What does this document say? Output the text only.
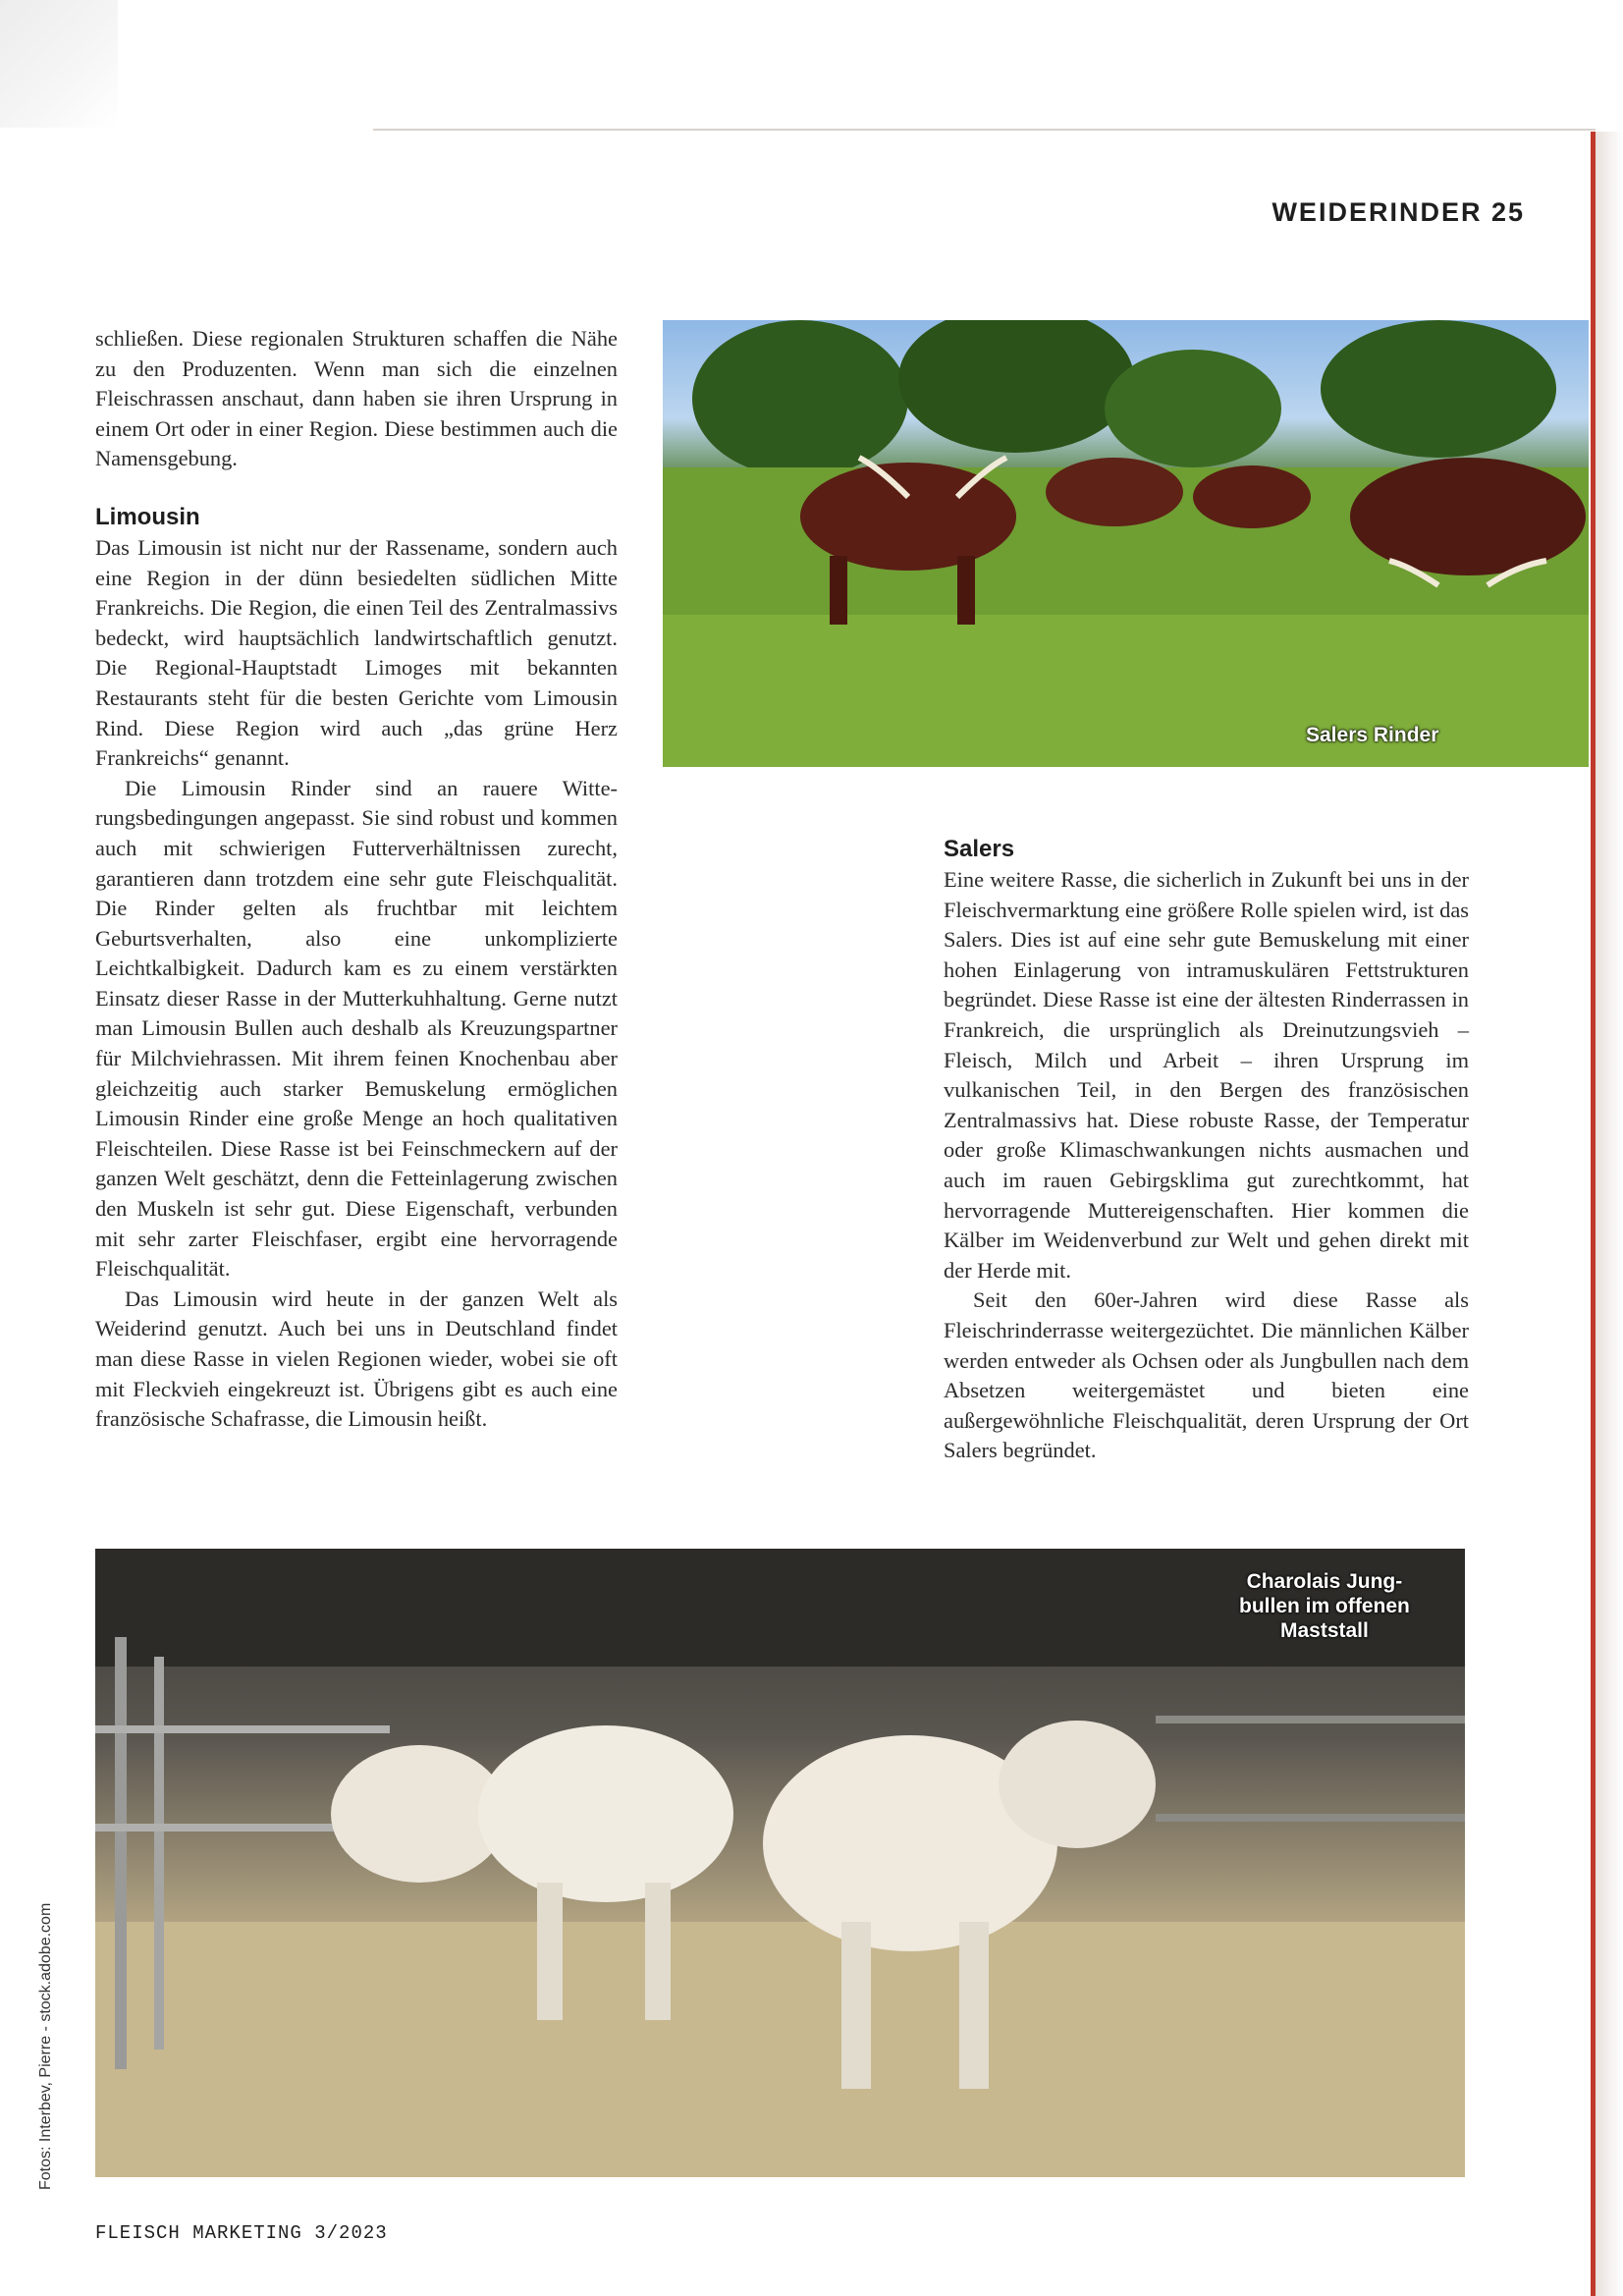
WEIDERINDER 25

schließen. Diese regionalen Strukturen schaffen die Nähe zu den Produzenten. Wenn man sich die einzelnen Fleischrassen anschaut, dann haben sie ihren Ursprung in einem Ort oder in einer Region. Diese bestimmen auch die Namensgebung.

Limousin

Das Limousin ist nicht nur der Rassename, sondern auch eine Region in der dünn besiedelten südlichen Mitte Frankreichs. Die Region, die einen Teil des Zentralmassivs bedeckt, wird hauptsächlich landwirtschaftlich genutzt. Die Regional-Hauptstadt Limoges mit bekannten Restaurants steht für die besten Gerichte vom Limousin Rind. Diese Region wird auch „das grüne Herz Frankreichs“ genannt.

Die Limousin Rinder sind an rauere Witterungsbedingungen angepasst. Sie sind robust und kommen auch mit schwierigen Futterverhältnissen zurecht, garantieren dann trotzdem eine sehr gute Fleischqualität. Die Rinder gelten als fruchtbar mit leichtem Geburtsverhalten, also eine unkomplizierte Leichtkalbigkeit. Dadurch kam es zu einem verstärkten Einsatz dieser Rasse in der Mutterkuhhaltung. Gerne nutzt man Limousin Bullen auch deshalb als Kreuzungspartner für Milchviehrassen. Mit ihrem feinen Knochenbau aber gleichzeitig auch starker Bemuskelung ermöglichen Limousin Rinder eine große Menge an hoch qualitativen Fleischteilen. Diese Rasse ist bei Feinschmeckern auf der ganzen Welt geschätzt, denn die Fetteinlagerung zwischen den Muskeln ist sehr gut. Diese Eigenschaft, verbunden mit sehr zarter Fleischfaser, ergibt eine hervorragende Fleischqualität.

Das Limousin wird heute in der ganzen Welt als Weiderind genutzt. Auch bei uns in Deutschland findet man diese Rasse in vielen Regionen wieder, wobei sie oft mit Fleckvieh eingekreuzt ist. Übrigens gibt es auch eine französische Schafrasse, die Limousin heißt.

Salers Rinder
Salers

Eine weitere Rasse, die sicherlich in Zukunft bei uns in der Fleischvermarktung eine größere Rolle spielen wird, ist das Salers. Dies ist auf eine sehr gute Bemuskelung mit einer hohen Einlagerung von intramuskulären Fettstrukturen begründet. Diese Rasse ist eine der ältesten Rinderrassen in Frankreich, die ursprünglich als Dreinutzungsvieh – Fleisch, Milch und Arbeit – ihren Ursprung im vulkanischen Teil, in den Bergen des französischen Zentralmassivs hat. Diese robuste Rasse, der Temperatur oder große Klimaschwankungen nichts ausmachen und auch im rauen Gebirgsklima gut zurechtkommt, hat hervorragende Muttereigenschaften. Hier kommen die Kälber im Weidenverbund zur Welt und gehen direkt mit der Herde mit.

Seit den 60er-Jahren wird diese Rasse als Fleischrinderrasse weitergezüchtet. Die männlichen Kälber werden entweder als Ochsen oder als Jungbullen nach dem Absetzen weitergemästet und bieten eine außergewöhnliche Fleischqualität, deren Ursprung der Ort Salers begründet.

Charolais Jung-
bullen im offenen
Maststall
Fotos: Interbev, Pierre - stock.adobe.com
FLEISCH MARKETING 3/2023
